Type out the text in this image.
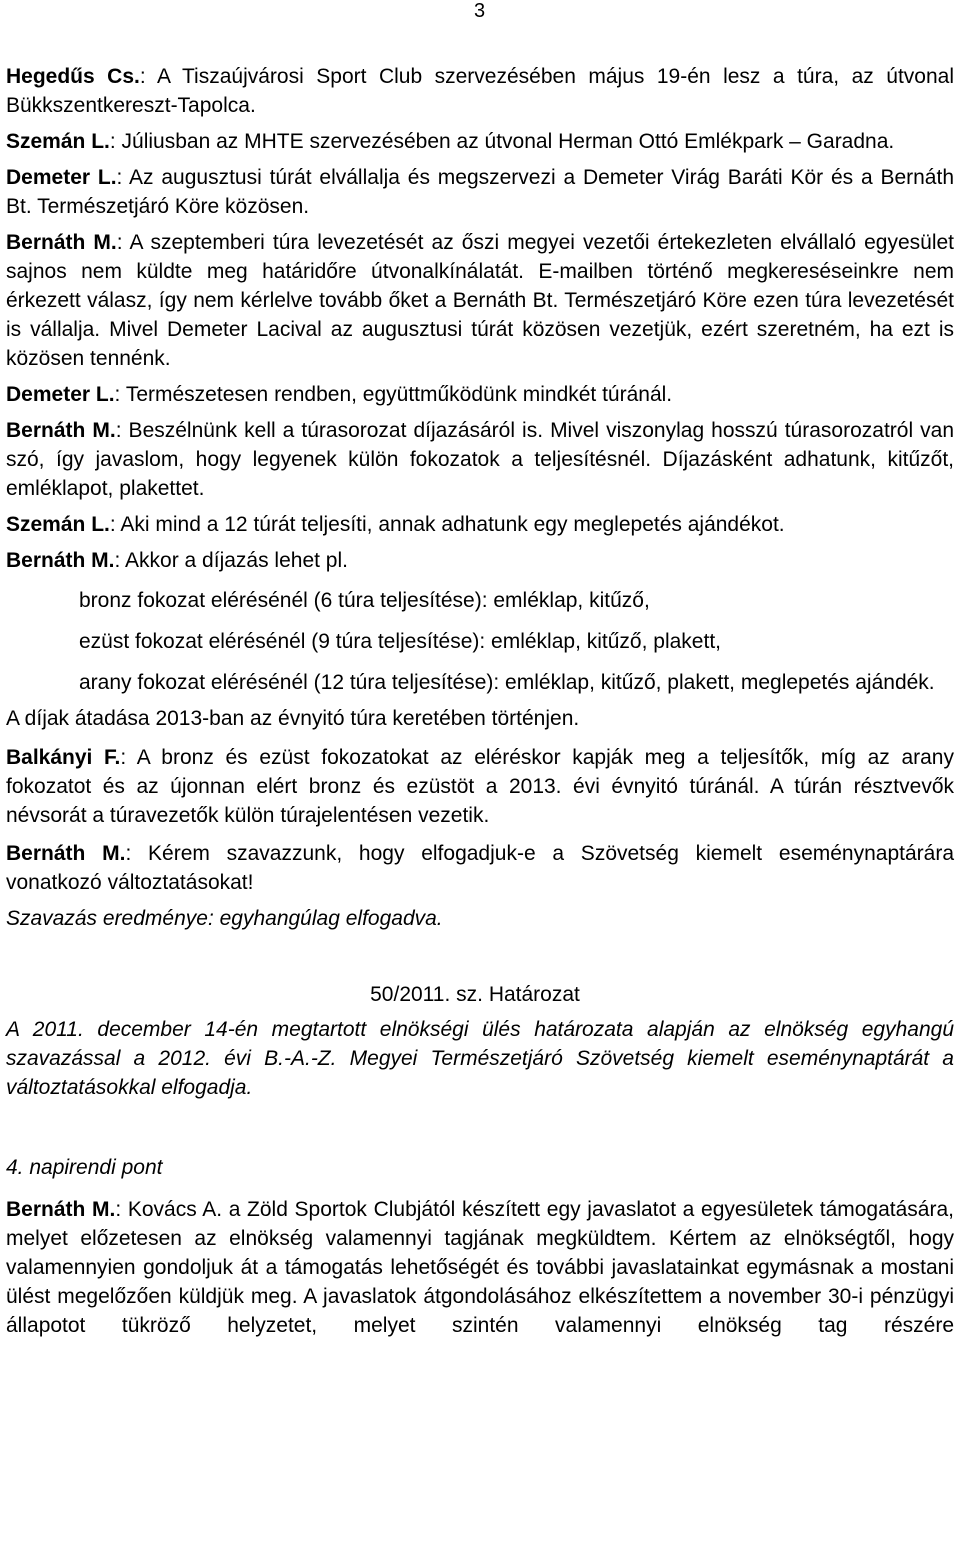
3

Hegedűs Cs.: A Tiszaújvárosi Sport Club szervezésében május 19-én lesz a túra, az útvonal Bükkszentkereszt-Tapolca.

Szemán L.: Júliusban az MHTE szervezésében az útvonal Herman Ottó Emlékpark – Garadna.

Demeter L.: Az augusztusi túrát elvállalja és megszervezi a Demeter Virág Baráti Kör és a Bernáth Bt. Természetjáró Köre közösen.

Bernáth M.: A szeptemberi túra levezetését az őszi megyei vezetői értekezleten elvállaló egyesület sajnos nem küldte meg határidőre útvonalkínálatát. E-mailben történő megkereséseinkre nem érkezett válasz, így nem kérlelve tovább őket a Bernáth Bt. Természetjáró Köre ezen túra levezetését is vállalja. Mivel Demeter Lacival az augusztusi túrát közösen vezetjük, ezért szeretném, ha ezt is közösen tennénk.

Demeter L.: Természetesen rendben, együttműködünk mindkét túránál.

Bernáth M.: Beszélnünk kell a túrasorozat díjazásáról is. Mivel viszonylag hosszú túrasorozatról van szó, így javaslom, hogy legyenek külön fokozatok a teljesítésnél. Díjazásként adhatunk, kitűzőt, emléklapot, plakettet.

Szemán L.: Aki mind a 12 túrát teljesíti, annak adhatunk egy meglepetés ajándékot.

Bernáth M.: Akkor a díjazás lehet pl.

bronz fokozat elérésénél (6 túra teljesítése): emléklap, kitűző,

ezüst fokozat elérésénél (9 túra teljesítése): emléklap, kitűző, plakett,

arany fokozat elérésénél (12 túra teljesítése): emléklap, kitűző, plakett, meglepetés ajándék.

A díjak átadása 2013-ban az évnyitó túra keretében történjen.

Balkányi F.: A bronz és ezüst fokozatokat az eléréskor kapják meg a teljesítők, míg az arany fokozatot és az újonnan elért bronz és ezüstöt a 2013. évi évnyitó túránál. A túrán résztvevők névsorát a túravezetők külön túrajelentésen vezetik.

Bernáth M.: Kérem szavazzunk, hogy elfogadjuk-e a Szövetség kiemelt eseménynaptárára vonatkozó változtatásokat!

Szavazás eredménye: egyhangúlag elfogadva.

50/2011. sz. Határozat

A 2011. december 14-én megtartott elnökségi ülés határozata alapján az elnökség egyhangú szavazással a 2012. évi B.-A.-Z. Megyei Természetjáró Szövetség kiemelt eseménynaptárát a változtatásokkal elfogadja.

4. napirendi pont

Bernáth M.: Kovács A. a Zöld Sportok Clubjától készített egy javaslatot a egyesületek támogatására, melyet előzetesen az elnökség valamennyi tagjának megküldtem. Kértem az elnökségtől, hogy valamennyien gondoljuk át a támogatás lehetőségét és további javaslatainkat egymásnak a mostani ülést megelőzően küldjük meg. A javaslatok átgondolásához elkészítettem a november 30-i pénzügyi állapotot tükröző helyzetet, melyet szintén valamennyi elnökség tag részére
